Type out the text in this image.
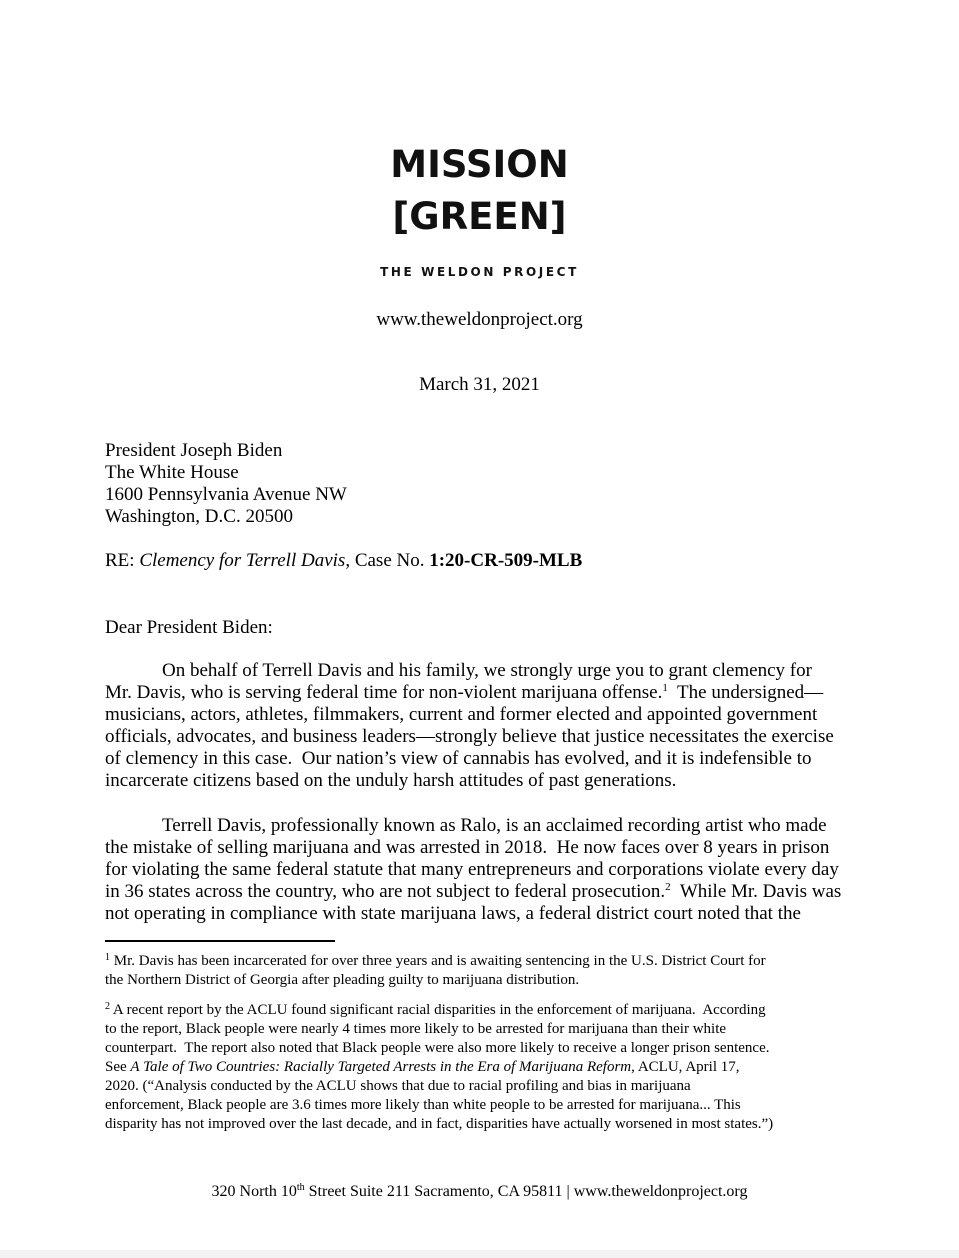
MISSION
[GREEN]
THE WELDON PROJECT
www.theweldonproject.org
March 31, 2021
President Joseph Biden
The White House
1600 Pennsylvania Avenue NW
Washington, D.C. 20500
RE: Clemency for Terrell Davis, Case No. 1:20-CR-509-MLB
Dear President Biden:
On behalf of Terrell Davis and his family, we strongly urge you to grant clemency for
Mr. Davis, who is serving federal time for non-violent marijuana offense.$^1$  The undersigned—
musicians, actors, athletes, filmmakers, current and former elected and appointed government
officials, advocates, and business leaders—strongly believe that justice necessitates the exercise
of clemency in this case.  Our nation’s view of cannabis has evolved, and it is indefensible to
incarcerate citizens based on the unduly harsh attitudes of past generations.
Terrell Davis, professionally known as Ralo, is an acclaimed recording artist who made
the mistake of selling marijuana and was arrested in 2018.  He now faces over 8 years in prison
for violating the same federal statute that many entrepreneurs and corporations violate every day
in 36 states across the country, who are not subject to federal prosecution.$^2$  While Mr. Davis was
not operating in compliance with state marijuana laws, a federal district court noted that the
$^1$ Mr. Davis has been incarcerated for over three years and is awaiting sentencing in the U.S. District Court for
the Northern District of Georgia after pleading guilty to marijuana distribution.
$^2$ A recent report by the ACLU found significant racial disparities in the enforcement of marijuana.  According
to the report, Black people were nearly 4 times more likely to be arrested for marijuana than their white
counterpart.  The report also noted that Black people were also more likely to receive a longer prison sentence.
See A Tale of Two Countries: Racially Targeted Arrests in the Era of Marijuana Reform, ACLU, April 17,
2020. (“Analysis conducted by the ACLU shows that due to racial profiling and bias in marijuana
enforcement, Black people are 3.6 times more likely than white people to be arrested for marijuana... This
disparity has not improved over the last decade, and in fact, disparities have actually worsened in most states.”)
320 North 10th Street Suite 211 Sacramento, CA 95811 | www.theweldonproject.org
